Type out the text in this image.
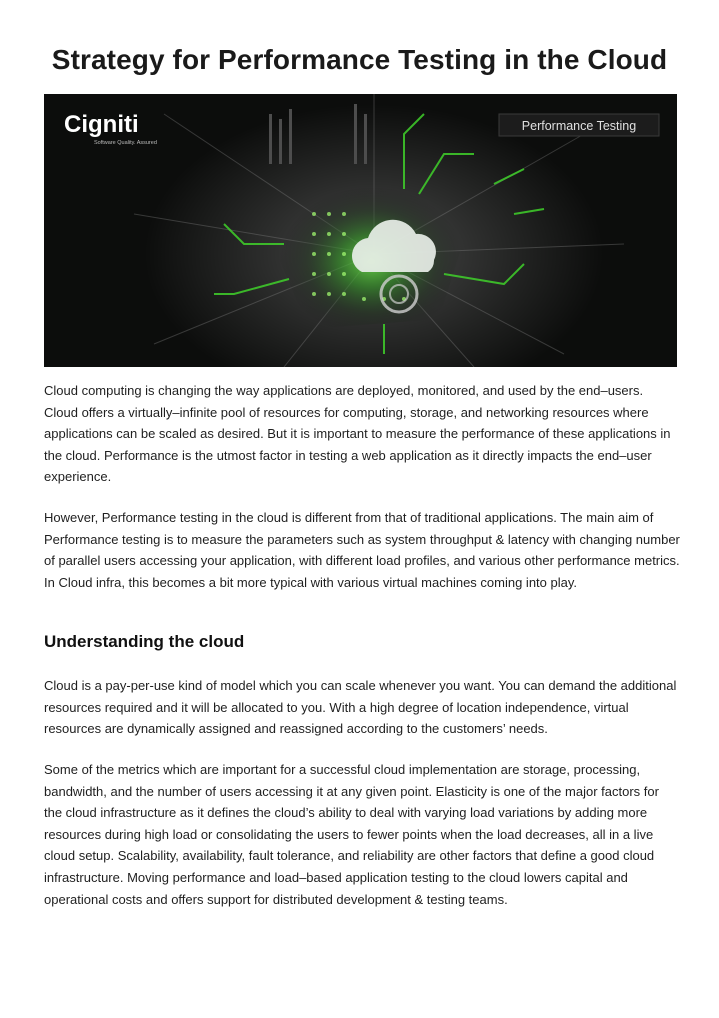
Strategy for Performance Testing in the Cloud
Cigniti
Software Quality. Assured
Performance Testing

Cloud computing is changing the way applications are deployed, monitored, and used by the end–users. Cloud offers a virtually–infinite pool of resources for computing, storage, and networking resources where applications can be scaled as desired. But it is important to measure the performance of these applications in the cloud. Performance is the utmost factor in testing a web application as it directly impacts the end–user experience.

However, Performance testing in the cloud is different from that of traditional applications. The main aim of Performance testing is to measure the parameters such as system throughput & latency with changing number of parallel users accessing your application, with different load profiles, and various other performance metrics. In Cloud infra, this becomes a bit more typical with various virtual machines coming into play.

Understanding the cloud

Cloud is a pay-per-use kind of model which you can scale whenever you want. You can demand the additional resources required and it will be allocated to you. With a high degree of location independence, virtual resources are dynamically assigned and reassigned according to the customers’ needs.

Some of the metrics which are important for a successful cloud implementation are storage, processing, bandwidth, and the number of users accessing it at any given point. Elasticity is one of the major factors for the cloud infrastructure as it defines the cloud’s ability to deal with varying load variations by adding more resources during high load or consolidating the users to fewer points when the load decreases, all in a live cloud setup. Scalability, availability, fault tolerance, and reliability are other factors that define a good cloud infrastructure. Moving performance and load–based application testing to the cloud lowers capital and operational costs and offers support for distributed development & testing teams.
